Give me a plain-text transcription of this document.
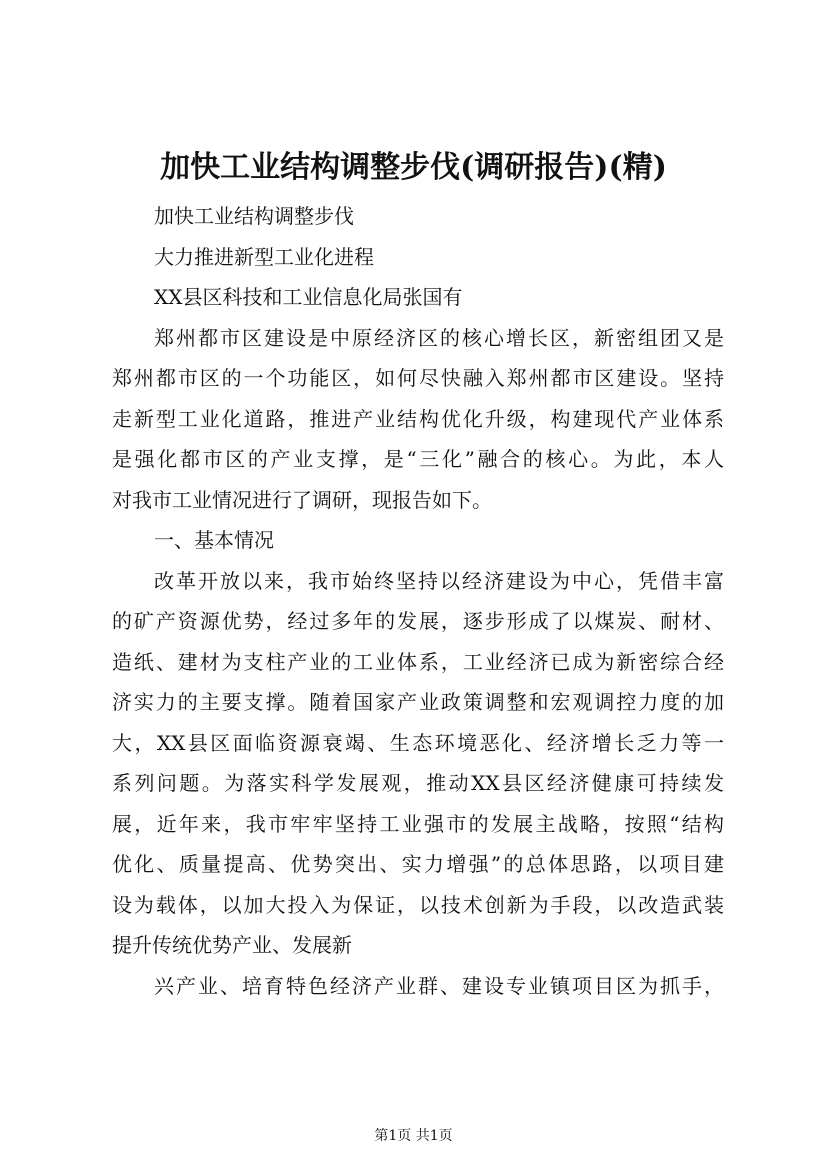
加快工业结构调整步伐(调研报告)(精)
加快工业结构调整步伐
大力推进新型工业化进程
XX县区科技和工业信息化局张国有
郑州都市区建设是中原经济区的核心增长区，新密组团又是
郑州都市区的一个功能区，如何尽快融入郑州都市区建设。坚持
走新型工业化道路，推进产业结构优化升级，构建现代产业体系
是强化都市区的产业支撑，是“三化”融合的核心。为此，本人
对我市工业情况进行了调研，现报告如下。
一、基本情况
改革开放以来，我市始终坚持以经济建设为中心，凭借丰富
的矿产资源优势，经过多年的发展，逐步形成了以煤炭、耐材、
造纸、建材为支柱产业的工业体系，工业经济已成为新密综合经
济实力的主要支撑。随着国家产业政策调整和宏观调控力度的加
大，XX县区面临资源衰竭、生态环境恶化、经济增长乏力等一
系列问题。为落实科学发展观，推动XX县区经济健康可持续发
展，近年来，我市牢牢坚持工业强市的发展主战略，按照“结构
优化、质量提高、优势突出、实力增强”的总体思路，以项目建
设为载体，以加大投入为保证，以技术创新为手段，以改造武装
提升传统优势产业、发展新
兴产业、培育特色经济产业群、建设专业镇项目区为抓手，
第1页 共1页
